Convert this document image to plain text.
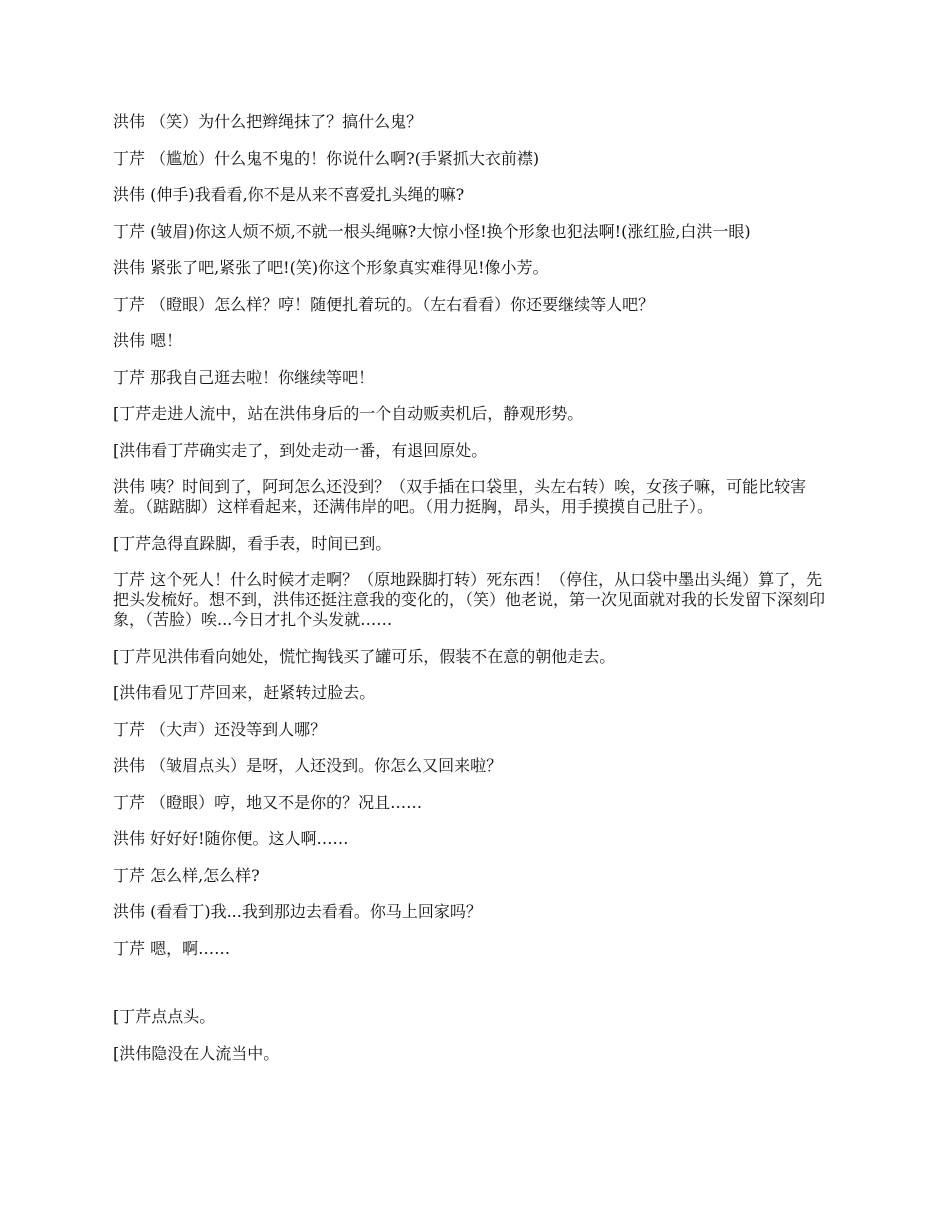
洪伟 （笑）为什么把辫绳抹了？搞什么鬼？

丁芹 （尴尬）什么鬼不鬼的！你说什么啊?(手紧抓大衣前襟)

洪伟 (伸手)我看看,你不是从来不喜爱扎头绳的嘛?

丁芹 (皱眉)你这人烦不烦,不就一根头绳嘛?大惊小怪!换个形象也犯法啊!(涨红脸,白洪一眼)

洪伟 紧张了吧,紧张了吧!(笑)你这个形象真实难得见!像小芳。

丁芹 （瞪眼）怎么样？哼！随便扎着玩的。（左右看看）你还要继续等人吧？

洪伟 嗯！

丁芹 那我自己逛去啦！你继续等吧！

[丁芹走进人流中，站在洪伟身后的一个自动贩卖机后，静观形势。

[洪伟看丁芹确实走了，到处走动一番，有退回原处。

洪伟 咦？时间到了，阿珂怎么还没到？（双手插在口袋里，头左右转）唉，女孩子嘛，可能比较害羞。（踮踮脚）这样看起来，还满伟岸的吧。（用力挺胸，昂头，用手摸摸自己肚子）。

[丁芹急得直跺脚，看手表，时间已到。

丁芹 这个死人！什么时候才走啊？（原地跺脚打转）死东西！（停住，从口袋中墨出头绳）算了，先把头发梳好。想不到，洪伟还挺注意我的变化的，（笑）他老说，第一次见面就对我的长发留下深刻印象，（苦脸）唉...今日才扎个头发就……

[丁芹见洪伟看向她处，慌忙掏钱买了罐可乐，假装不在意的朝他走去。

[洪伟看见丁芹回来，赶紧转过脸去。

丁芹 （大声）还没等到人哪？

洪伟 （皱眉点头）是呀，人还没到。你怎么又回来啦？

丁芹 （瞪眼）哼，地又不是你的？况且……

洪伟 好好好!随你便。这人啊……

丁芹 怎么样,怎么样?

洪伟 (看看丁)我...我到那边去看看。你马上回家吗？

丁芹 嗯，啊……

[丁芹点点头。

[洪伟隐没在人流当中。
